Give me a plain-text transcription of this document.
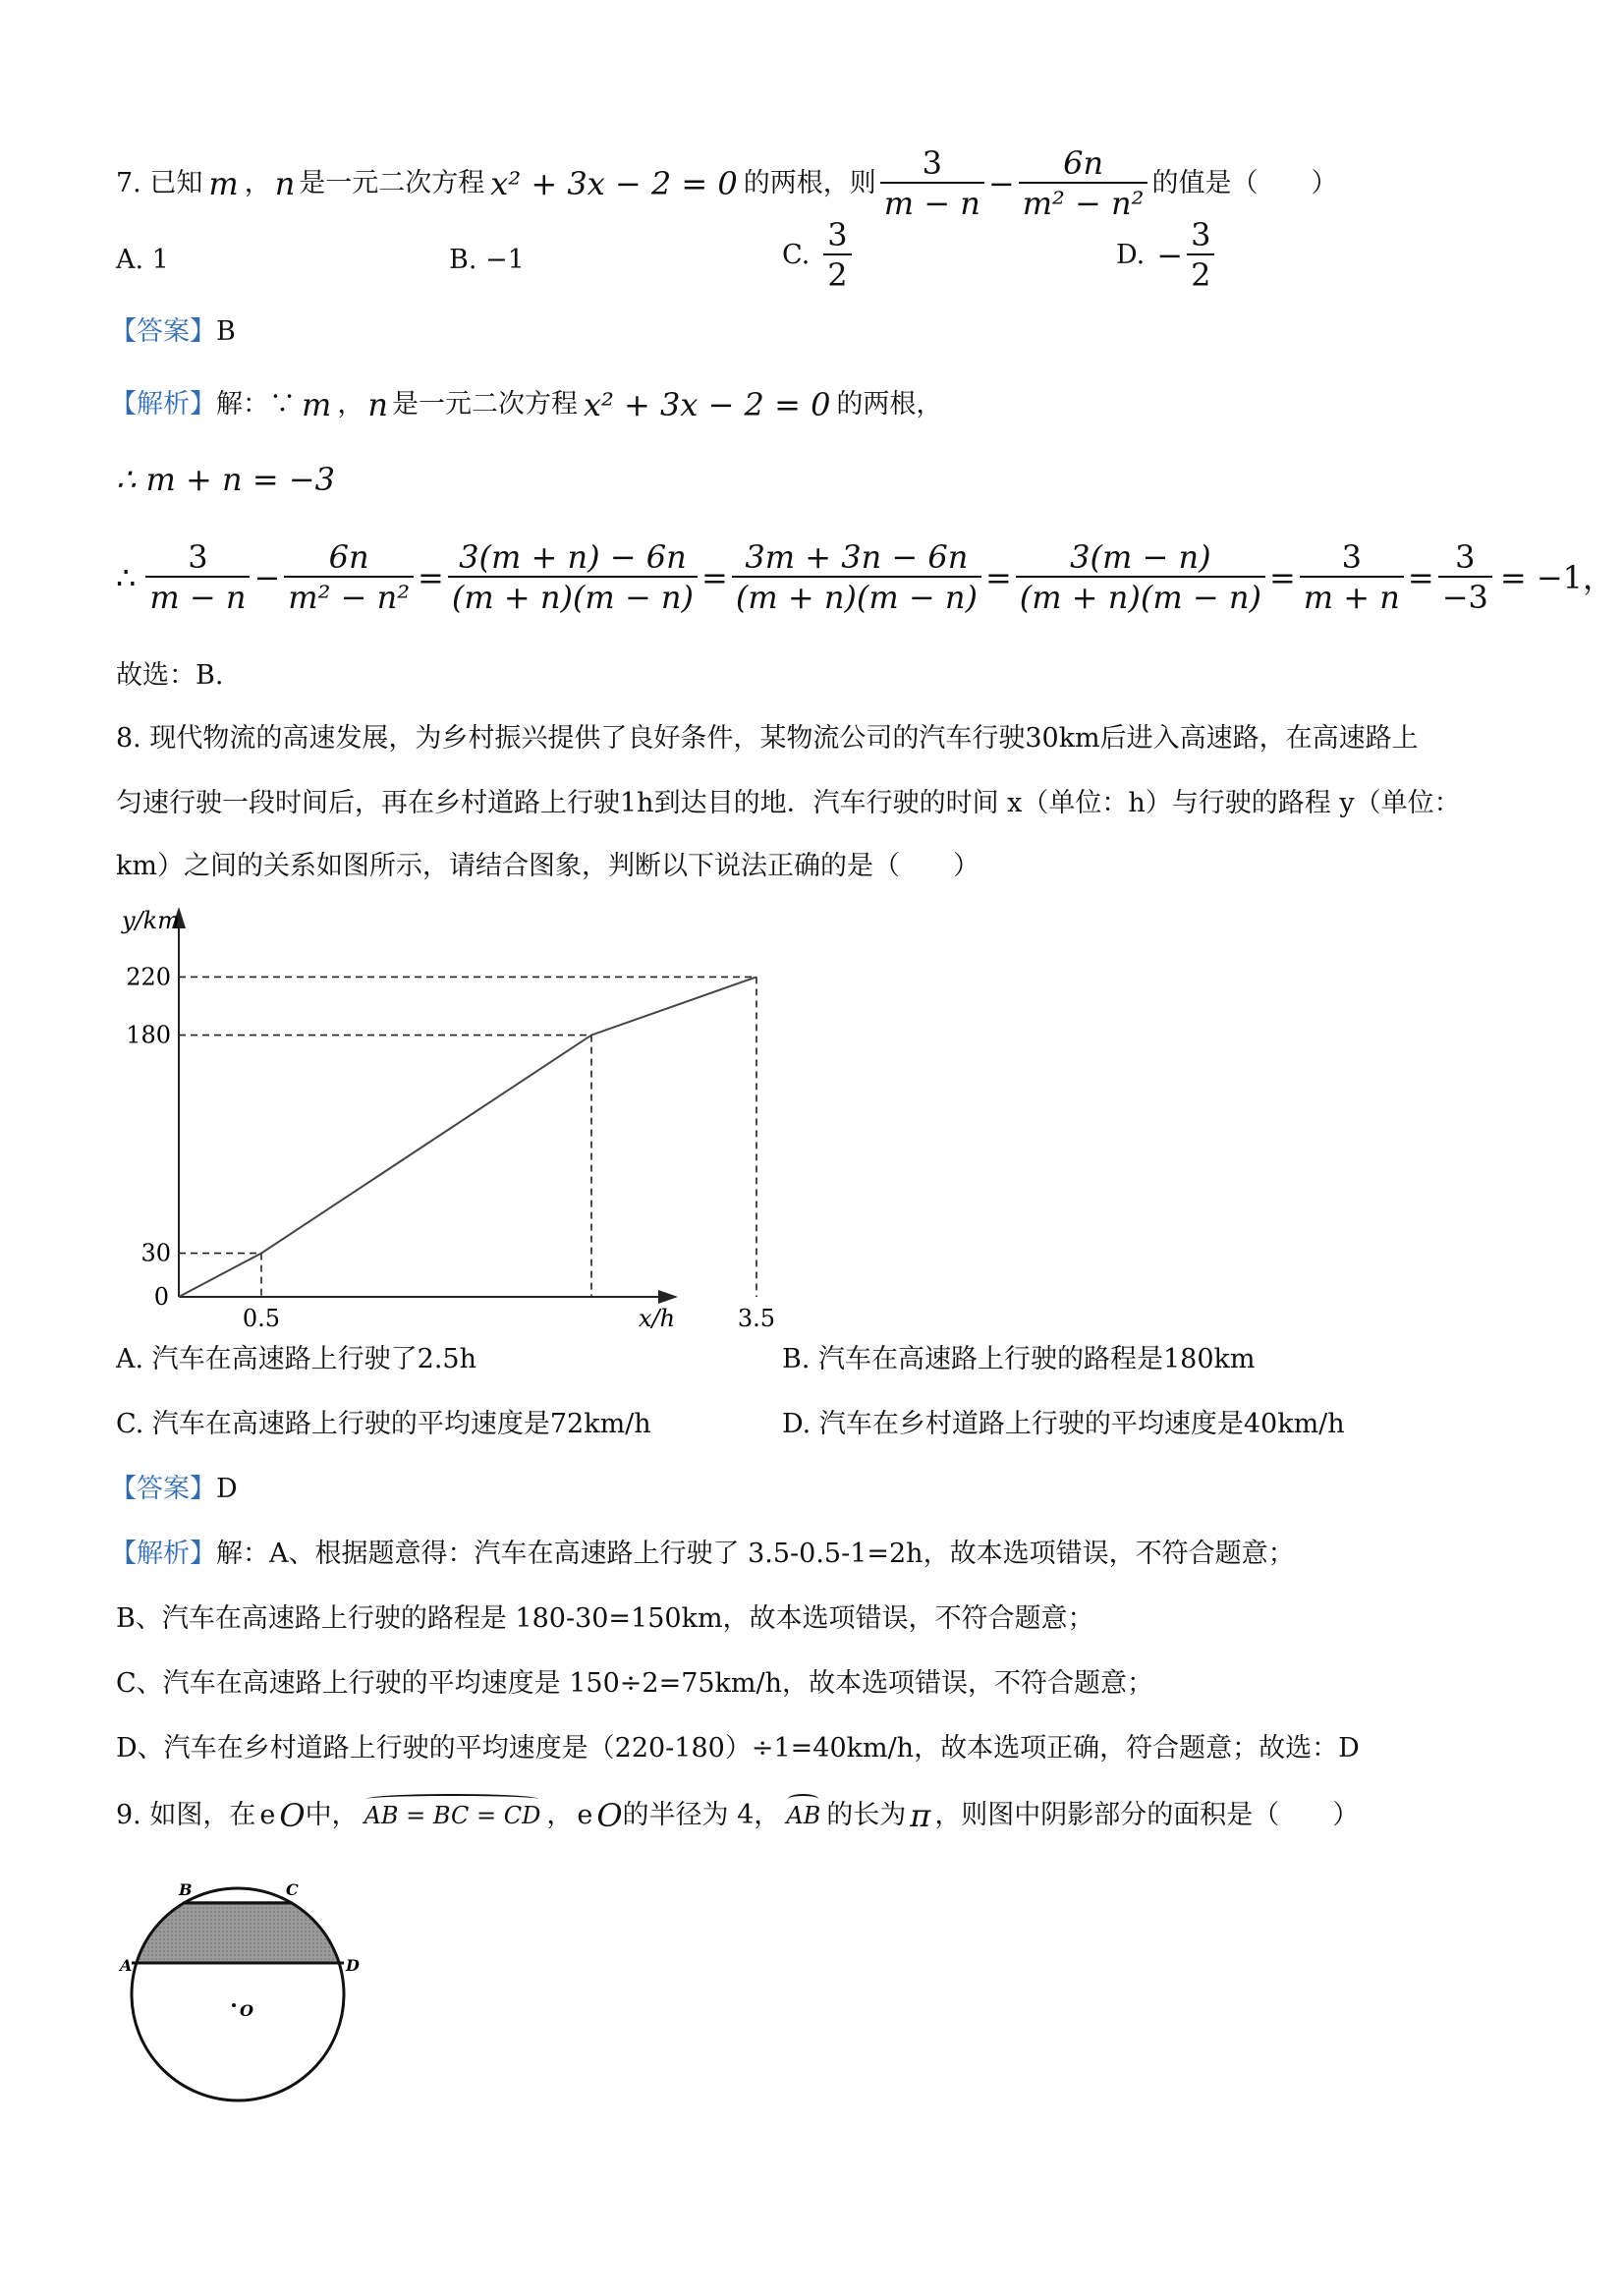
7. 已知 m ， n 是一元二次方程 x² + 3x − 2 = 0 的两根，则 $\frac{3}{m - n} - \frac{6n}{\text{m² − n²}}$ 的值是（　　）
A. 1	B. −1	C. $\frac{3}{2}$	D. − $\frac{3}{2}$
【答案】B
【解析】 解：∵ m ， n 是一元二次方程 x² + 3x − 2 = 0 的两根，
∴ m + n = −3
∴ $\frac{3}{m - n} - \frac{6n}{\text{m² − n²}} = \frac{3(m + n) - 6n}{(m + n)(m - n)} = \frac{3m + 3n - 6n}{(m + n)(m - n)} = \frac{3(m - n)}{(m + n)(m - n)} = \frac{3}{m + n} = \frac{3}{-3} = -1$，
故选：B.
8. 现代物流的高速发展，为乡村振兴提供了良好条件，某物流公司的汽车行驶30km后进入高速路，在高速路上
匀速行驶一段时间后，再在乡村道路上行驶1h到达目的地．汽车行驶的时间 x（单位：h）与行驶的路程 y（单位：
km）之间的关系如图所示，请结合图象，判断以下说法正确的是（　　）
30
180
220
0.5	3.5
0
x/h
y/km
A. 汽车在高速路上行驶了2.5h	B. 汽车在高速路上行驶的路程是180km
C. 汽车在高速路上行驶的平均速度是72km/h	D. 汽车在乡村道路上行驶的平均速度是40km/h
【答案】D
【解析】解：A、根据题意得：汽车在高速路上行驶了 3.5-0.5-1=2h，故本选项错误，不符合题意；
B、汽车在高速路上行驶的路程是 180-30=150km，故本选项错误，不符合题意；
C、汽车在高速路上行驶的平均速度是 150÷2=75km/h，故本选项错误，不符合题意；
D、汽车在乡村道路上行驶的平均速度是（220-180）÷1=40km/h，故本选项正确，符合题意；故选：D
9. 如图，在 e O 中， AB = BC = CD ， e O 的半径为 4， AB 的长为 π ，则图中阴影部分的面积是（　　）
A
B	C
D
O
